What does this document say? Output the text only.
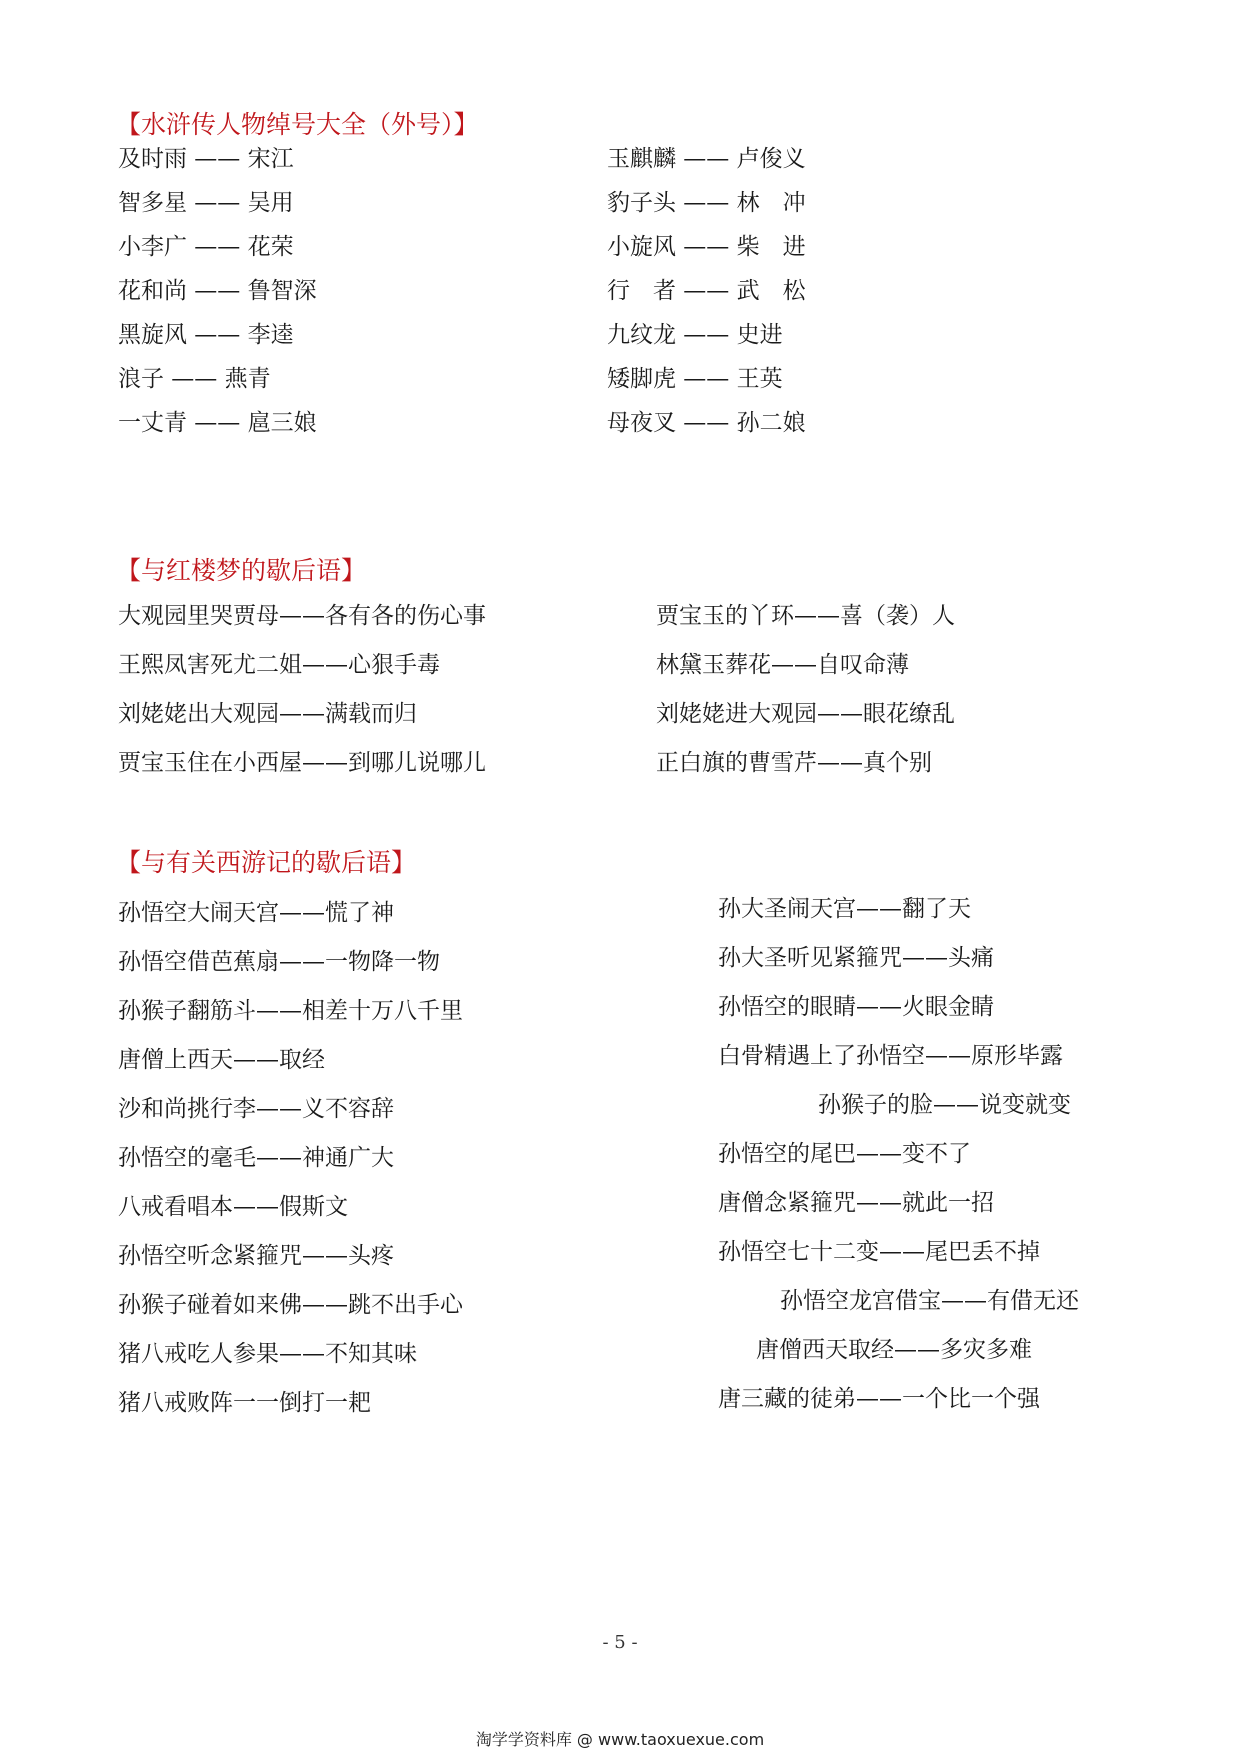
【水浒传人物绰号大全（外号）】
及时雨 —— 宋江
智多星 —— 吴用
小李广 —— 花荣
花和尚 —— 鲁智深
黑旋风 —— 李逵
浪子 —— 燕青
一丈青 —— 扈三娘
玉麒麟 —— 卢俊义
豹子头 —— 林　冲
小旋风 —— 柴　进
行　者 —— 武　松
九纹龙 —— 史进
矮脚虎 —— 王英
母夜叉 —— 孙二娘
【与红楼梦的歇后语】
大观园里哭贾母——各有各的伤心事
王熙凤害死尤二姐——心狠手毒
刘姥姥出大观园——满载而归
贾宝玉住在小西屋——到哪儿说哪儿
贾宝玉的丫环——喜（袭）人
林黛玉葬花——自叹命薄
刘姥姥进大观园——眼花缭乱
正白旗的曹雪芹——真个别
【与有关西游记的歇后语】
孙悟空大闹天宫——慌了神
孙悟空借芭蕉扇——一物降一物
孙猴子翻筋斗——相差十万八千里
唐僧上西天——取经
沙和尚挑行李——义不容辞
孙悟空的毫毛——神通广大
八戒看唱本——假斯文
孙悟空听念紧箍咒——头疼
孙猴子碰着如来佛——跳不出手心
猪八戒吃人参果——不知其味
猪八戒败阵一一倒打一耙
孙大圣闹天宫——翻了天
孙大圣听见紧箍咒——头痛
孙悟空的眼睛——火眼金睛
白骨精遇上了孙悟空——原形毕露
孙猴子的脸——说变就变
孙悟空的尾巴——变不了
唐僧念紧箍咒——就此一招
孙悟空七十二变——尾巴丢不掉
孙悟空龙宫借宝——有借无还
唐僧西天取经——多灾多难
唐三藏的徒弟——一个比一个强
- 5 -
淘学学资料库 @ www.taoxuexue.com
